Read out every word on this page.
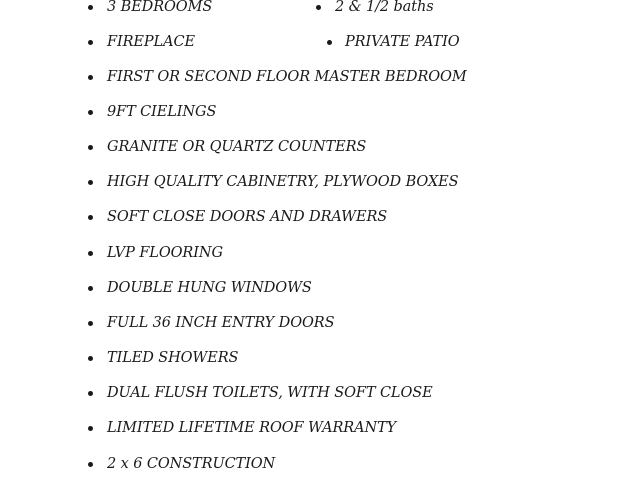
3 BEDROOMS	2 & 1/2 baths
FIREPLACE	PRIVATE PATIO
FIRST OR SECOND FLOOR MASTER BEDROOM
9FT CIELINGS
GRANITE OR QUARTZ COUNTERS
HIGH QUALITY CABINETRY, PLYWOOD BOXES
SOFT CLOSE DOORS AND DRAWERS
LVP FLOORING
DOUBLE HUNG WINDOWS
FULL 36 INCH ENTRY DOORS
TILED SHOWERS
DUAL FLUSH TOILETS, WITH SOFT CLOSE
LIMITED LIFETIME ROOF WARRANTY
2 x 6 CONSTRUCTION
